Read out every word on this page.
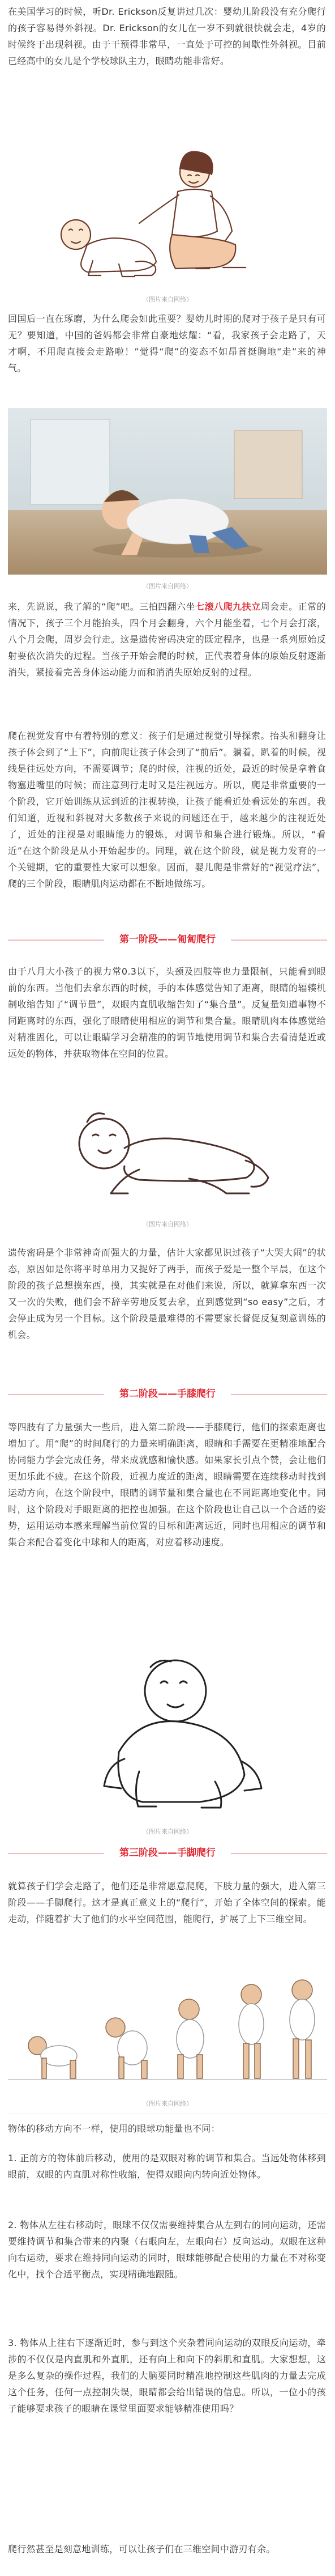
在美国学习的时候，听Dr. Erickson反复讲过几次：婴幼儿阶段没有充分爬行的孩子容易得外斜视。Dr. Erickson的女儿在一岁不到就很快就会走，4岁的时候终于出现斜视。由于干预得非常早，一直处于可控的间歇性外斜视。目前已经高中的女儿是个学校球队主力，眼睛功能非常好。

（图片来自网络）

回国后一直在琢磨，为什么爬会如此重要？婴幼儿时期的爬对于孩子是只有可无？要知道，中国的爸妈都会非常自豪地炫耀：“看，我家孩子会走路了，天才啊，不用爬直接会走路啦！”觉得“爬”的姿态不如昂首挺胸地“走”来的神气。

（图片来自网络）

来，先说说，我了解的“爬”吧。三拍四翻六坐七滚八爬九扶立周会走。正常的情况下，孩子三个月能抬头，四个月会翻身，六个月能坐着，七个月会打滚，八个月会爬，周岁会行走。这是遗传密码决定的既定程序，也是一系列原始反射要依次消失的过程。当孩子开始会爬的时候，正代表着身体的原始反射逐渐消失，紧接着完善身体运动能力而和消消失原始反射的过程。

爬在视觉发育中有着特别的意义：孩子们是通过视觉引导探索。抬头和翻身让孩子体会到了“上下”，向前爬让孩子体会到了“前后”。躺着，趴着的时候，视线是往远处方向，不需要调节；爬的时候，注视的近处，最近的时候是拿着食物塞进嘴里的时候；而注意到行走时又是注视远方。所以，爬是非常重要的一个阶段，它开始训练从远到近的注视转换，让孩子能看近处看远处的东西。我们知道，近视和斜视对大多数孩子来说的问题还在于，越来越少的注视近处了，近处的注视是对眼睛能力的锻炼，对调节和集合进行锻炼。所以，“看近”在这个阶段是从小开始起步的。同理，就在这个阶段，就是视力发育的一个关键期，它的重要性大家可以想象。因而，婴儿爬是非常好的“视觉疗法”，爬的三个阶段，眼睛肌肉运动都在不断地做练习。

第一阶段——匍匐爬行

由于八月大小孩子的视力常0.3以下，头颈及四肢等也力量限制，只能看到眼前的东西。当他们去拿东西的时候，手的本体感觉告知了距离，眼睛的辐辏机制收缩告知了“调节量”，双眼内直肌收缩告知了“集合量”。反复量知道事物不同距离时的东西，强化了眼睛使用相应的调节和集合量。眼睛肌肉本体感觉给对精准固化，可以让眼睛学习会精准的的调节地使用调节和集合去看清楚近或远处的物体，并获取物体在空间的位置。

（图片来自网络）

遗传密码是个非常神奇而强大的力量，估计大家都见识过孩子“大哭大闹”的状态，原因如是你将平时单用力又捉好了两手，而孩子爱是一整个早晨，在这个阶段的孩子总想摸东西，摸，其实就是在对他们来说，所以，就算拿东西一次又一次的失败，他们会不辞辛劳地反复去拿，直到感觉到“so easy”之后，才会停止成为另一个目标。这个阶段是最难得的不需要家长督促反复刻意训练的机会。

第二阶段——手膝爬行

等四肢有了力量强大一些后，进入第二阶段——手膝爬行，他们的探索距离也增加了。用“爬”的时间爬行的力量来明确距离，眼睛和手需要在更精准地配合协同能力学会完成任务，带来成就感和愉快感。如果家长引点个赞，会让他们更加乐此不疲。在这个阶段，近视力度近的距离，眼睛需要在连续移动时找到运动方向，在这个阶段中，眼睛的调节量和集合量也在不同距离地变化中。同时，这个阶段对手眼距离的把控也加强。在这个阶段也让自己以一个合适的姿势，运用运动本感来理解当前位置的目标和距离远近，同时也用相应的调节和集合来配合着变化中球和人的距离，对应着移动速度。

（图片来自网络）
第三阶段——手脚爬行

就算孩子们学会走路了，他们还是非常愿意爬爬，下肢力量的强大，进入第三阶段——手脚爬行。这才是真正意义上的“爬行”，开始了全体空间的探索。能走动，伴随着扩大了他们的水平空间范围，能爬行，扩展了上下三维空间。

（图片来自网络）

物体的移动方向不一样，使用的眼球功能量也不同：

1. 正前方的物体前后移动，使用的是双眼对称的调节和集合。当远处物体移到眼前，双眼的内直肌对称性收缩，使得双眼向内转向近处物体。

2. 物体从左往右移动时，眼球不仅仅需要维持集合从左到右的同向运动，还需要维持调节和集合带来的内聚（右眼向左，左眼向右）反向运动。双眼在这种向右运动，要求在维持同向运动的同时，眼球能够配合使用的力量在不对称变化中，找个合适平衡点，实现精确地跟随。

3. 物体从上往右下逐渐近时，参与到这个夹杂着同向运动的双眼反向运动，牵涉的不仅仅是内直肌和外直肌，还有向上和向下的斜肌和直肌。大家想想，这是多么复杂的操作过程，我们的大脑要同时精准地控制这些肌肉的力量去完成这个任务，任何一点控制失误，眼睛都会给出错误的信息。所以，一位小的孩子能够要求孩子的眼睛在课堂里面要求能够精准使用吗？

爬行然甚至是刻意地训练，可以让孩子们在三维空间中游刃有余。
